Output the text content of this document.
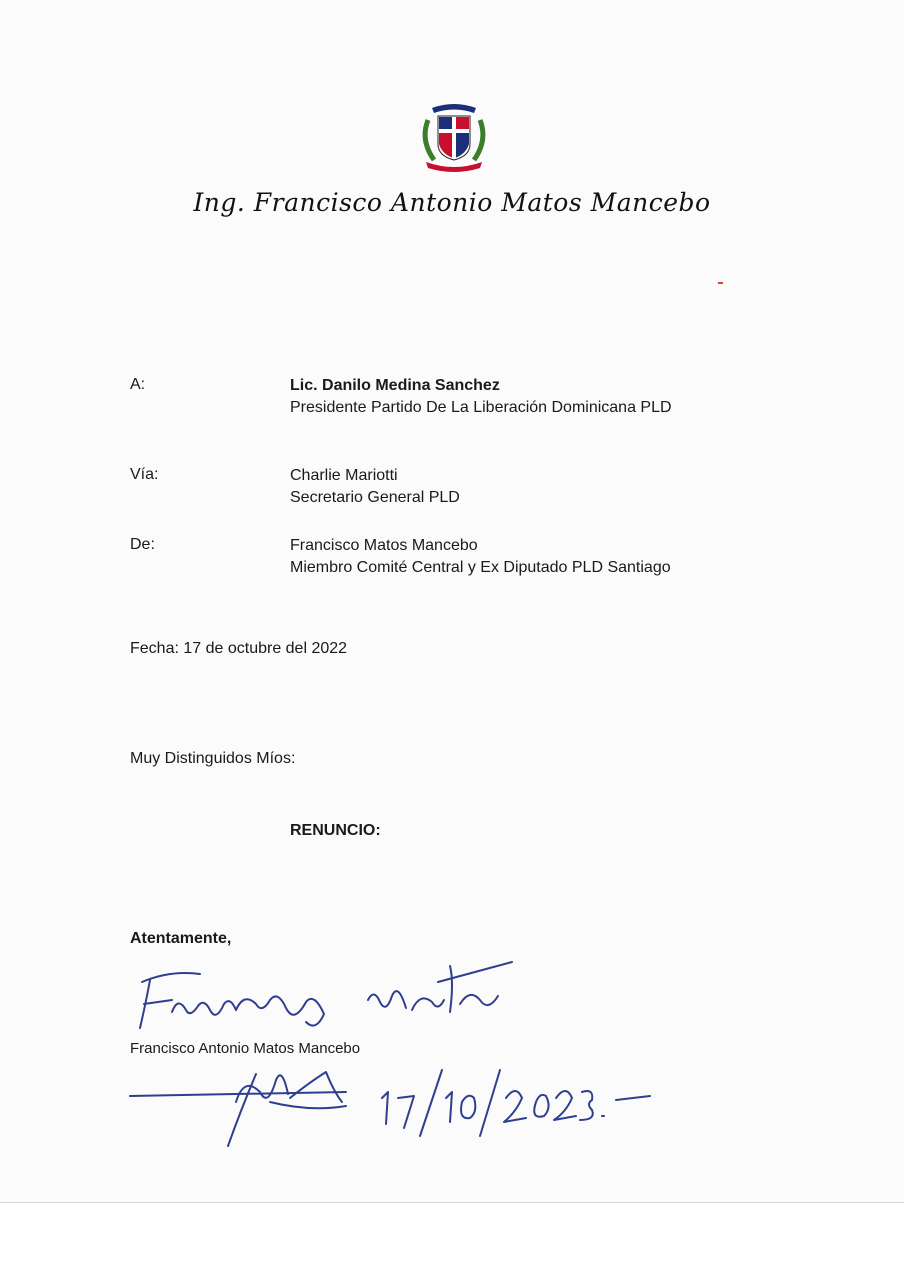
Ing. Francisco Antonio Matos Mancebo
A:	Lic. Danilo Medina Sanchez
Presidente Partido De La Liberación Dominicana PLD
Vía:	Charlie Mariotti
Secretario General PLD
De:	Francisco Matos Mancebo
Miembro Comité Central y Ex Diputado PLD Santiago
Fecha: 17 de octubre del 2022
Muy Distinguidos Míos:
RENUNCIO:
Atentamente,
Francisco Antonio Matos Mancebo
